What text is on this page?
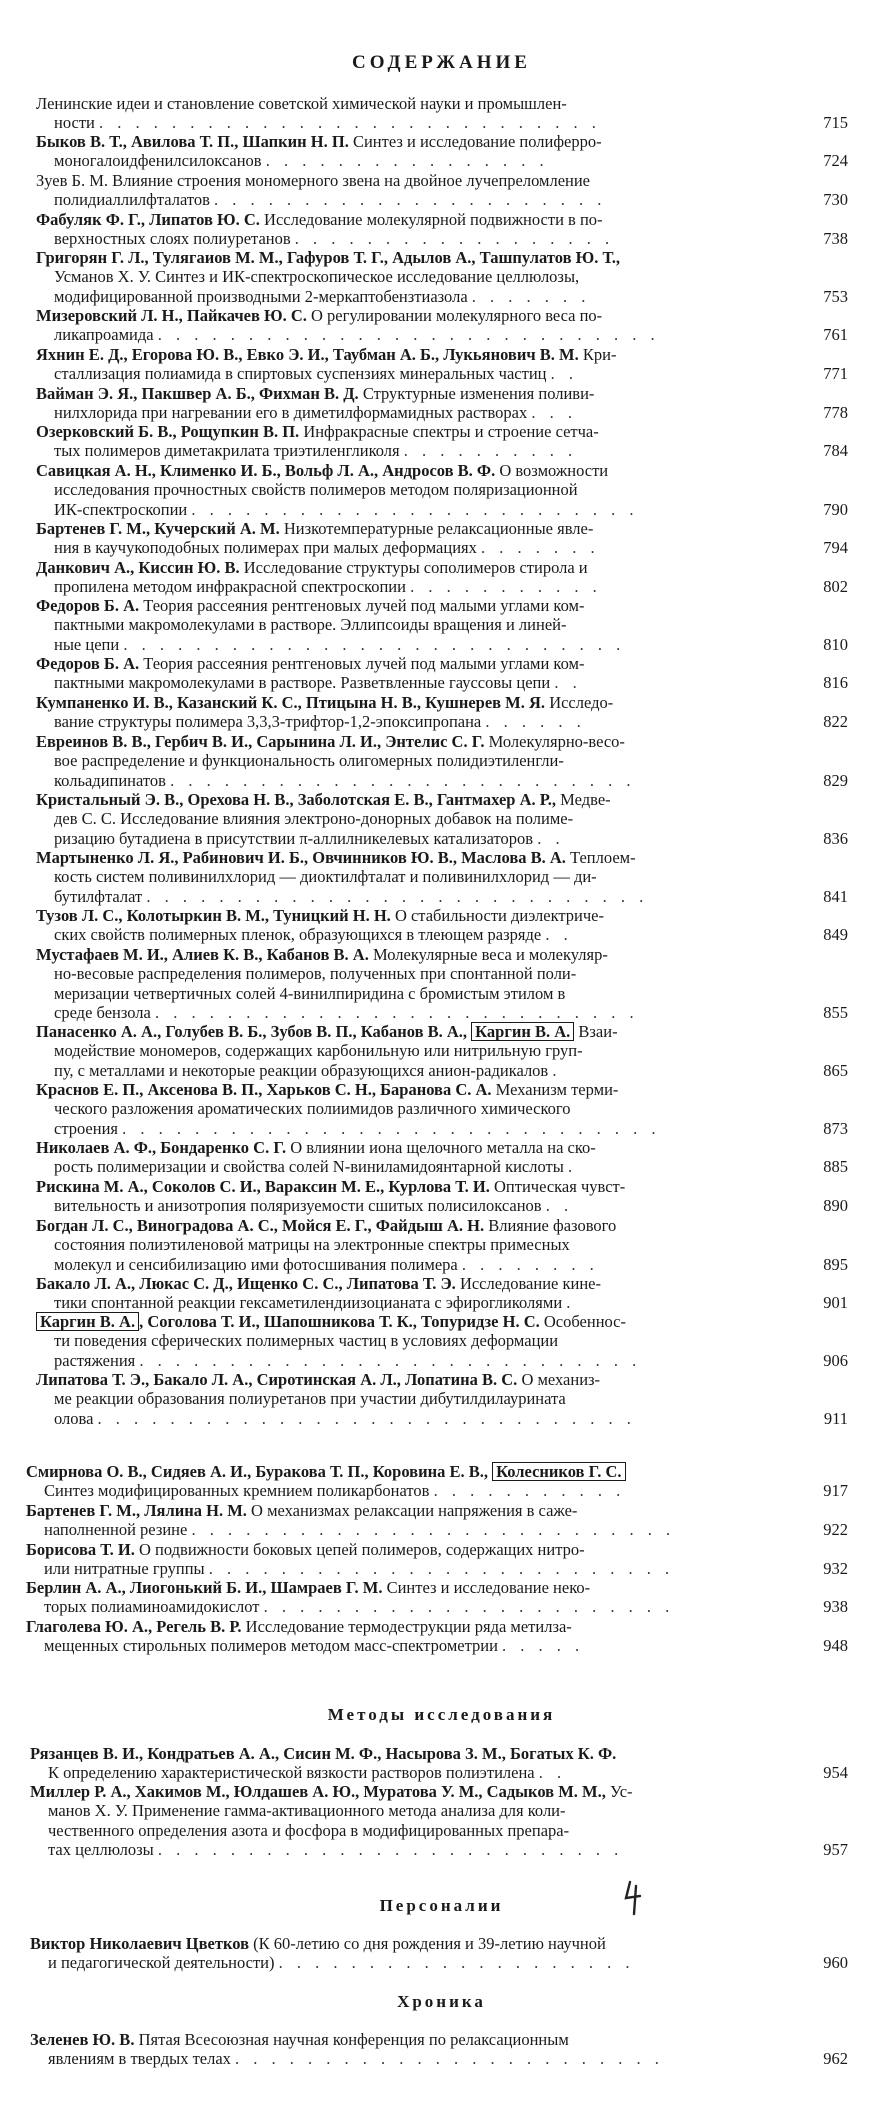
СОДЕРЖАНИЕ
Ленинские идеи и становление советской химической науки и промышлен-
ности . . . . . . . . . . . . . . . . . . . . . . . . . . . .	715
Быков В. Т., Авилова Т. П., Шапкин Н. П. Синтез и исследование полиферро-
моногалоидфенилсилоксанов . . . . . . . . . . . . . . . .	724
Зуев Б. М. Влияние строения мономерного звена на двойное лучепреломление
полидиаллилфталатов . . . . . . . . . . . . . . . . . . . . . .	730
Фабуляк Ф. Г., Липатов Ю. С. Исследование молекулярной подвижности в по-
верхностных слоях полиуретанов . . . . . . . . . . . . . . . . . .	738
Григорян Г. Л., Тулягаиов М. М., Гафуров Т. Г., Адылов А., Ташпулатов Ю. Т.,
Усманов Х. У. Синтез и ИК-спектроскопическое исследование целлюлозы,
модифицированной производными 2-меркаптобензтиазола . . . . . . .	753
Мизеровский Л. Н., Пайкачев Ю. С. О регулировании молекулярного веса по-
ликапроамида . . . . . . . . . . . . . . . . . . . . . . . . . . . .	761
Яхнин Е. Д., Егорова Ю. В., Евко Э. И., Таубман А. Б., Лукьянович В. М. Кри-
сталлизация полиамида в спиртовых суспензиях минеральных частиц . .	771
Вайман Э. Я., Пакшвер А. Б., Фихман В. Д. Структурные изменения поливи-
нилхлорида при нагревании его в диметилформамидных растворах . . .	778
Озерковский Б. В., Рощупкин В. П. Инфракрасные спектры и строение сетча-
тых полимеров диметакрилата триэтиленгликоля . . . . . . . . . .	784
Савицкая А. Н., Клименко И. Б., Вольф Л. А., Андросов В. Ф. О возможности
исследования прочностных свойств полимеров методом поляризационной
ИК-спектроскопии . . . . . . . . . . . . . . . . . . . . . . . . .	790
Бартенев Г. М., Кучерский А. М. Низкотемпературные релаксационные явле-
ния в каучукоподобных полимерах при малых деформациях . . . . . . .	794
Данкович А., Киссин Ю. В. Исследование структуры сополимеров стирола и
пропилена методом инфракрасной спектроскопии . . . . . . . . . . .	802
Федоров Б. А. Теория рассеяния рентгеновых лучей под малыми углами ком-
пактными макромолекулами в растворе. Эллипсоиды вращения и линей-
ные цепи . . . . . . . . . . . . . . . . . . . . . . . . . . . .	810
Федоров Б. А. Теория рассеяния рентгеновых лучей под малыми углами ком-
пактными макромолекулами в растворе. Разветвленные гауссовы цепи . .	816
Кумпаненко И. В., Казанский К. С., Птицына Н. В., Кушнерев М. Я. Исследо-
вание структуры полимера 3,3,3-трифтор-1,2-эпоксипропана . . . . . .	822
Евреинов В. В., Гербич В. И., Сарынина Л. И., Энтелис С. Г. Молекулярно-весо-
вое распределение и функциональность олигомерных полидиэтиленгли-
кольадипинатов . . . . . . . . . . . . . . . . . . . . . . . . . .	829
Кристальный Э. В., Орехова Н. В., Заболотская Е. В., Гантмахер А. Р., Медве-
дев С. С. Исследование влияния электроно-донорных добавок на полиме-
ризацию бутадиена в присутствии π-аллилникелевых катализаторов . .	836
Мартыненко Л. Я., Рабинович И. Б., Овчинников Ю. В., Маслова В. А. Теплоем-
кость систем поливинилхлорид — диоктилфталат и поливинилхлорид — ди-
бутилфталат . . . . . . . . . . . . . . . . . . . . . . . . . . . .	841
Тузов Л. С., Колотыркин В. М., Туницкий Н. Н. О стабильности диэлектриче-
ских свойств полимерных пленок, образующихся в тлеющем разряде . .	849
Мустафаев М. И., Алиев К. В., Кабанов В. А. Молекулярные веса и молекуляр-
но-весовые распределения полимеров, полученных при спонтанной поли-
меризации четвертичных солей 4-винилпиридина с бромистым этилом в
среде бензола . . . . . . . . . . . . . . . . . . . . . . . . . . .	855
Панасенко А. А., Голубев В. Б., Зубов В. П., Кабанов В. А., Каргин В. А. Взаи-
модействие мономеров, содержащих карбонильную или нитрильную груп-
пу, с металлами и некоторые реакции образующихся анион-радикалов .	865
Краснов Е. П., Аксенова В. П., Харьков С. Н., Баранова С. А. Механизм терми-
ческого разложения ароматических полиимидов различного химического
строения . . . . . . . . . . . . . . . . . . . . . . . . . . . . . .	873
Николаев А. Ф., Бондаренко С. Г. О влиянии иона щелочного металла на ско-
рость полимеризации и свойства солей N-виниламидоянтарной кислоты .	885
Рискина М. А., Соколов С. И., Вараксин М. Е., Курлова Т. И. Оптическая чувст-
вительность и анизотропия поляризуемости сшитых полисилоксанов . .	890
Богдан Л. С., Виноградова А. С., Мойся Е. Г., Файдыш А. Н. Влияние фазового
состояния полиэтиленовой матрицы на электронные спектры примесных
молекул и сенсибилизацию ими фотосшивания полимера . . . . . . . .	895
Бакало Л. А., Люкас С. Д., Ищенко С. С., Липатова Т. Э. Исследование кине-
тики спонтанной реакции гексаметилендиизоцианата с эфирогликолями .	901
Каргин В. А. , Соголова Т. И., Шапошникова Т. К., Топуридзе Н. С. Особеннос-
ти поведения сферических полимерных частиц в условиях деформации
растяжения . . . . . . . . . . . . . . . . . . . . . . . . . . . .	906
Липатова Т. Э., Бакало Л. А., Сиротинская А. Л., Лопатина В. С. О механиз-
ме реакции образования полиуретанов при участии дибутилдилаурината
олова . . . . . . . . . . . . . . . . . . . . . . . . . . . . . .	911
Смирнова О. В., Сидяев А. И., Буракова Т. П., Коровина Е. В., Колесников Г. С.
Синтез модифицированных кремнием поликарбонатов . . . . . . . . . . .	917
Бартенев Г. М., Лялина Н. М. О механизмах релаксации напряжения в саже-
наполненной резине . . . . . . . . . . . . . . . . . . . . . . . . . . .	922
Борисова Т. И. О подвижности боковых цепей полимеров, содержащих нитро-
или нитратные группы . . . . . . . . . . . . . . . . . . . . . . . . . .	932
Берлин А. А., Лиогонький Б. И., Шамраев Г. М. Синтез и исследование неко-
торых полиаминоамидокислот . . . . . . . . . . . . . . . . . . . . . . .	938
Глаголева Ю. А., Регель В. Р. Исследование термодеструкции ряда метилза-
мещенных стирольных полимеров методом масс-спектрометрии . . . . .	948
Методы исследования
Рязанцев В. И., Кондратьев А. А., Сисин М. Ф., Насырова З. М., Богатых К. Ф.
К определению характеристической вязкости растворов полиэтилена . .	954
Миллер Р. А., Хакимов М., Юлдашев А. Ю., Муратова У. М., Садыков М. М., Ус-
манов Х. У. Применение гамма-активационного метода анализа для коли-
чественного определения азота и фосфора в модифицированных препара-
тах целлюлозы . . . . . . . . . . . . . . . . . . . . . . . . . .	957
Персоналии
Виктор Николаевич Цветков (К 60-летию со дня рождения и 39-летию научной
и педагогической деятельности) . . . . . . . . . . . . . . . . . . . .	960
Хроника
Зеленев Ю. В. Пятая Всесоюзная научная конференция по релаксационным
явлениям в твердых телах . . . . . . . . . . . . . . . . . . . . . . . .	962
